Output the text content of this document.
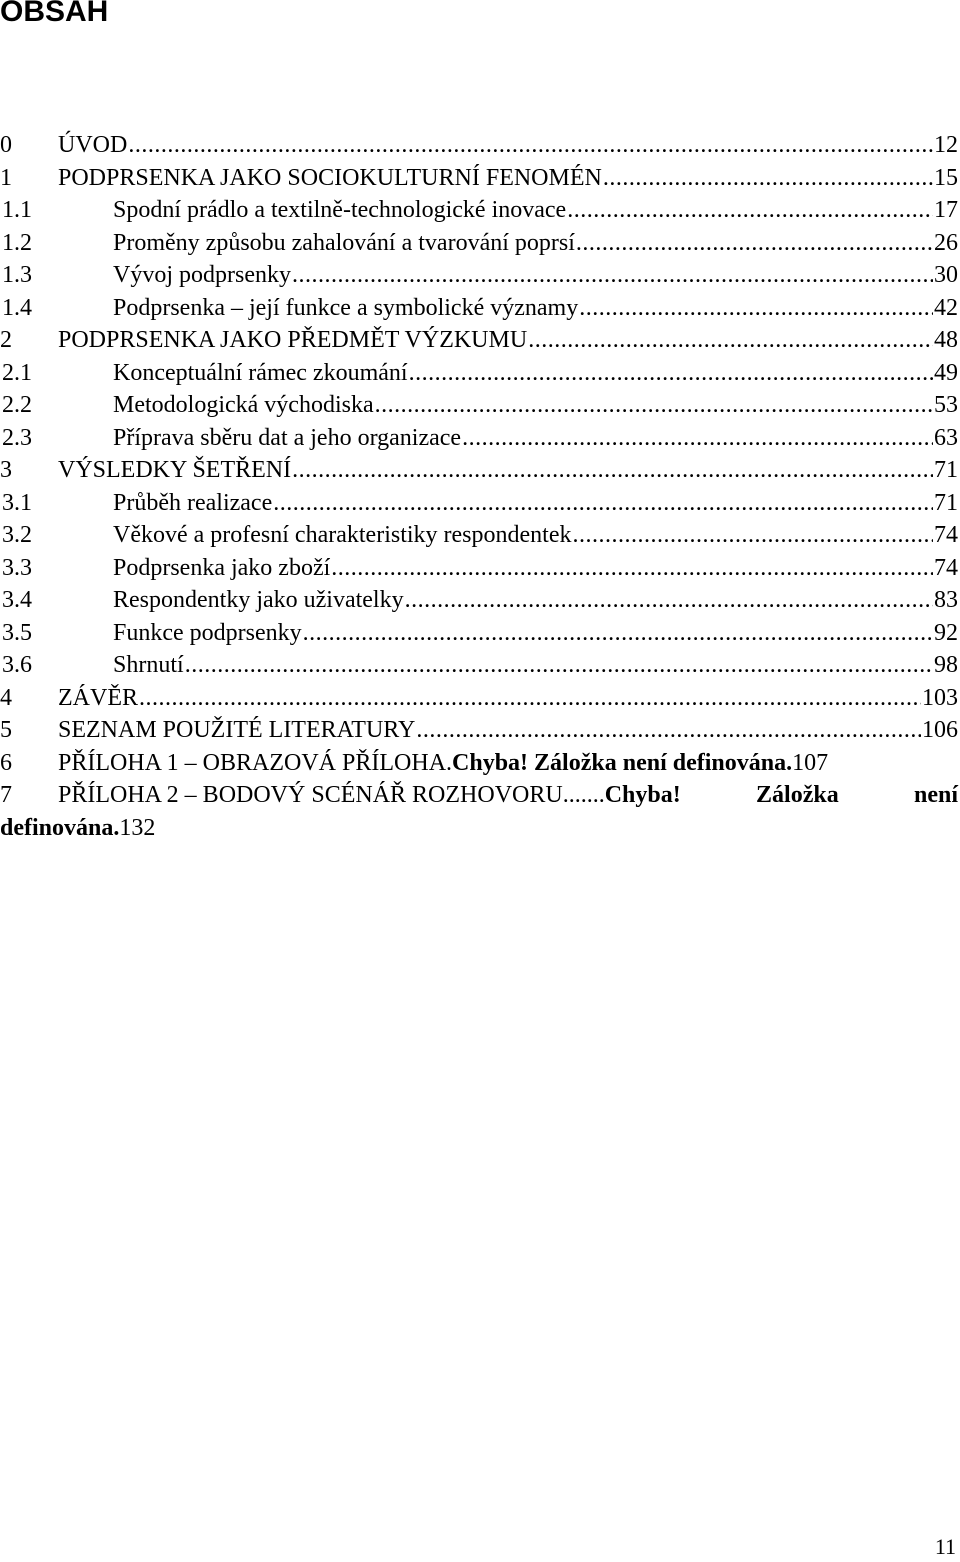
OBSAH
0	ÚVOD .....	12
1	PODPRSENKA JAKO SOCIOKULTURNÍ FENOMÉN .....	15
1.1	Spodní prádlo a textilně-technologické inovace .....	17
1.2	Proměny způsobu zahalování a tvarování poprsí .....	26
1.3	Vývoj podprsenky .....	30
1.4	Podprsenka – její funkce a symbolické významy .....	42
2	PODPRSENKA JAKO PŘEDMĚT VÝZKUMU .....	48
2.1	Konceptuální rámec zkoumání .....	49
2.2	Metodologická východiska .....	53
2.3	Příprava sběru dat a jeho organizace .....	63
3	VÝSLEDKY ŠETŘENÍ .....	71
3.1	Průběh realizace .....	71
3.2	Věkové a profesní charakteristiky respondentek .....	74
3.3	Podprsenka jako zboží .....	74
3.4	Respondentky jako uživatelky .....	83
3.5	Funkce podprsenky .....	92
3.6	Shrnutí .....	98
4	ZÁVĚR .....	103
5	SEZNAM POUŽITÉ LITERATURY .....	106
6	PŘÍLOHA 1 – OBRAZOVÁ PŘÍLOHA. Chyba! Záložka není definována. 107
7	PŘÍLOHA 2 – BODOVÝ SCÉNÁŘ ROZHOVORU ....... Chyba! Záložka není
definována. 132
11
